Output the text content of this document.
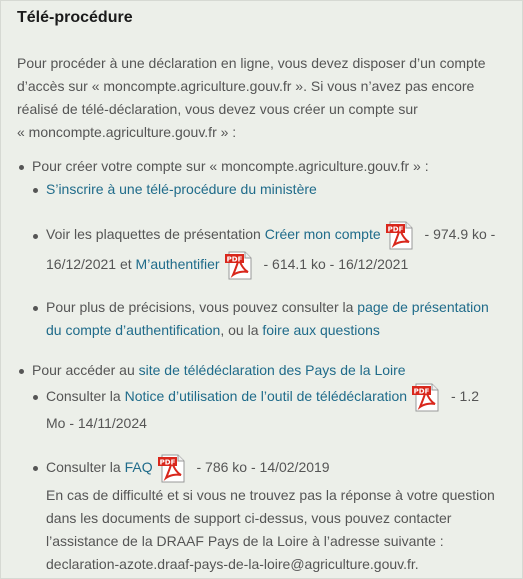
Télé-procédure
Pour procéder à une déclaration en ligne, vous devez disposer d’un compte
d’accès sur « moncompte.agriculture.gouv.fr ». Si vous n’avez pas encore
réalisé de télé-déclaration, vous devez vous créer un compte sur
« moncompte.agriculture.gouv.fr » :
Pour créer votre compte sur « moncompte.agriculture.gouv.fr » :
S’inscrire à une télé-procédure du ministère
Voir les plaquettes de présentation Créer mon compte PDF - 974.9 ko -
16/12/2021 et M’authentifier PDF - 614.1 ko - 16/12/2021
Pour plus de précisions, vous pouvez consulter la page de présentation
du compte d’authentification, ou la foire aux questions
Pour accéder au site de télédéclaration des Pays de la Loire
Consulter la Notice d’utilisation de l’outil de télédéclaration PDF - 1.2
Mo - 14/11/2024
Consulter la FAQ PDF - 786 ko - 14/02/2019
En cas de difficulté et si vous ne trouvez pas la réponse à votre question
dans les documents de support ci-dessus, vous pouvez contacter
l’assistance de la DRAAF Pays de la Loire à l’adresse suivante :
declaration-azote.draaf-pays-de-la-loire@agriculture.gouv.fr.
